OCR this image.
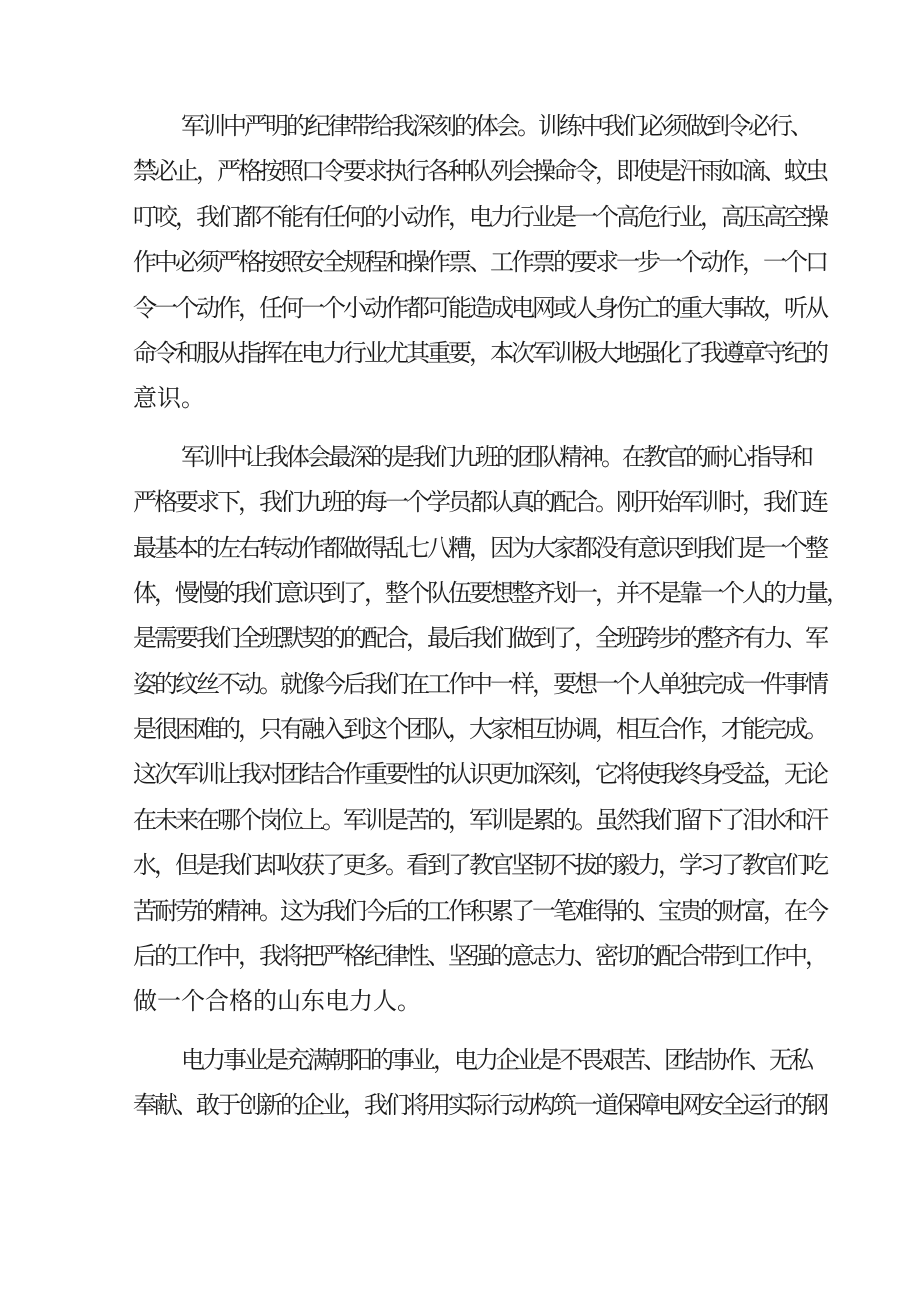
军训中严明的纪律带给我深刻的体会。训练中我们必须做到令必行、
禁必止，严格按照口令要求执行各种队列会操命令，即使是汗雨如滴、蚊虫
叮咬，我们都不能有任何的小动作，电力行业是一个高危行业，高压高空操
作中必须严格按照安全规程和操作票、工作票的要求一步一个动作，一个口
令一个动作，任何一个小动作都可能造成电网或人身伤亡的重大事故，听从
命令和服从指挥在电力行业尤其重要，本次军训极大地强化了我遵章守纪的
意识。
军训中让我体会最深的是我们九班的团队精神。在教官的耐心指导和
严格要求下，我们九班的每一个学员都认真的配合。刚开始军训时，我们连
最基本的左右转动作都做得乱七八糟，因为大家都没有意识到我们是一个整
体，慢慢的我们意识到了，整个队伍要想整齐划一，并不是靠一个人的力量，
是需要我们全班默契的的配合，最后我们做到了，全班跨步的整齐有力、军
姿的纹丝不动。就像今后我们在工作中一样，要想一个人单独完成一件事情
是很困难的，只有融入到这个团队，大家相互协调，相互合作，才能完成。
这次军训让我对团结合作重要性的认识更加深刻，它将使我终身受益，无论
在未来在哪个岗位上。军训是苦的，军训是累的。虽然我们留下了泪水和汗
水，但是我们却收获了更多。看到了教官坚韧不拔的毅力，学习了教官们吃
苦耐劳的精神。这为我们今后的工作积累了一笔难得的、宝贵的财富，在今
后的工作中，我将把严格纪律性、坚强的意志力、密切的配合带到工作中，
做一个合格的山东电力人。
电力事业是充满朝阳的事业，电力企业是不畏艰苦、团结协作、无私
奉献、敢于创新的企业，我们将用实际行动构筑一道保障电网安全运行的钢
